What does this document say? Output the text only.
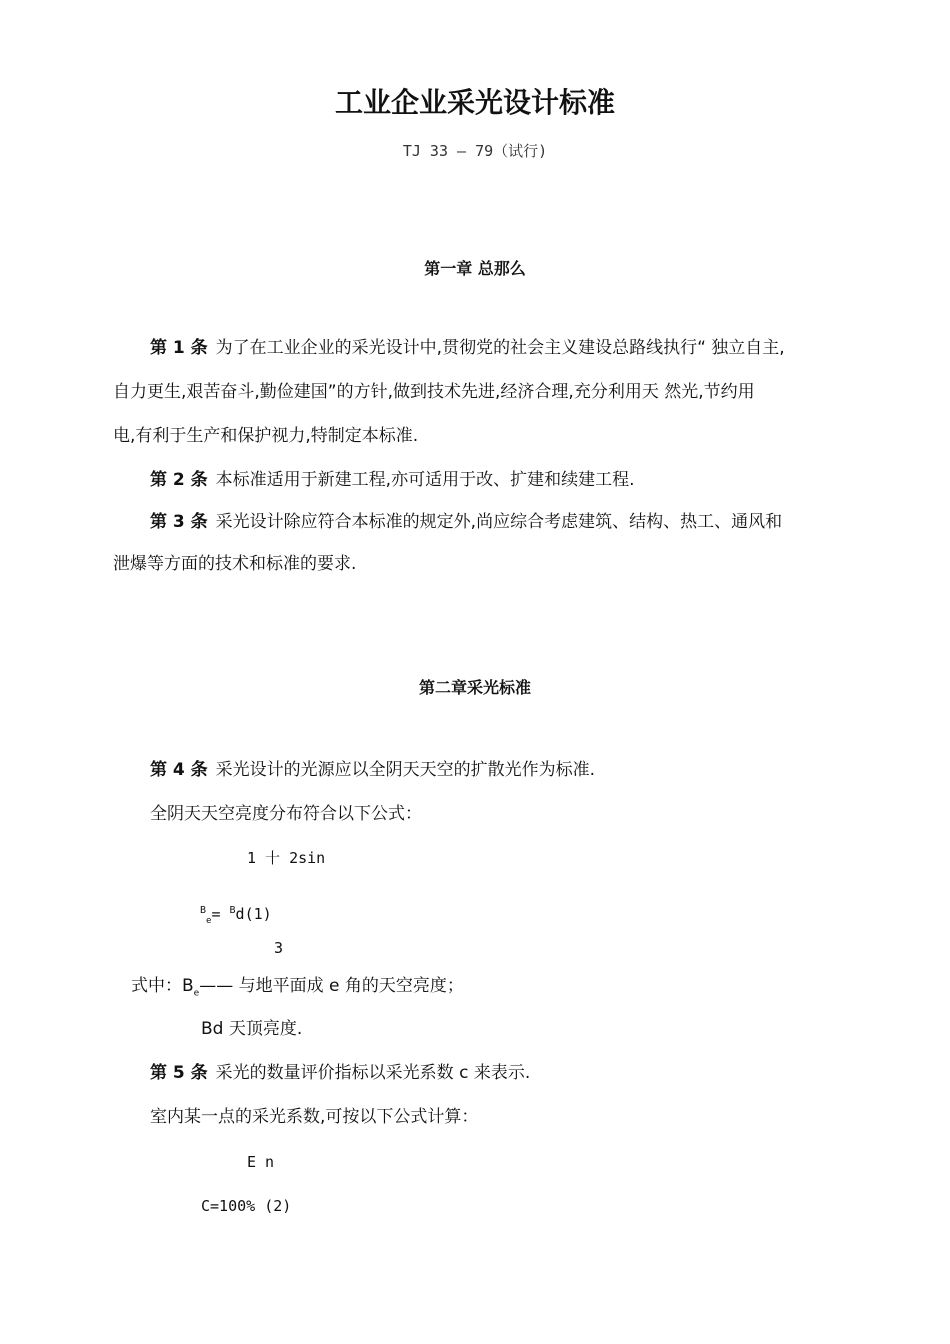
工业企业采光设计标准
TJ 33 — 79（试行)
第一章 总那么
第 1 条 为了在工业企业的采光设计中,贯彻党的社会主义建设总路线执行“ 独立自主,
自力更生,艰苦奋斗,勤俭建国”的方针,做到技术先进,经济合理,充分利用天 然光,节约用
电,有利于生产和保护视力,特制定本标准.
第 2 条 本标准适用于新建工程,亦可适用于改、扩建和续建工程.
第 3 条 采光设计除应符合本标准的规定外,尚应综合考虑建筑、结构、热工、通风和
泄爆等方面的技术和标准的要求.
第二章采光标准
第 4 条 采光设计的光源应以全阴天天空的扩散光作为标准.
全阴天天空亮度分布符合以下公式：
1 十 2sin
$^B_e$= $^B$d(1)
3
式中：$B_e——$ 与地平面成 e 角的天空亮度；
Bd 天顶亮度.
第 5 条 采光的数量评价指标以采光系数 c 来表示.
室内某一点的采光系数,可按以下公式计算：
E n
C=100% (2)
